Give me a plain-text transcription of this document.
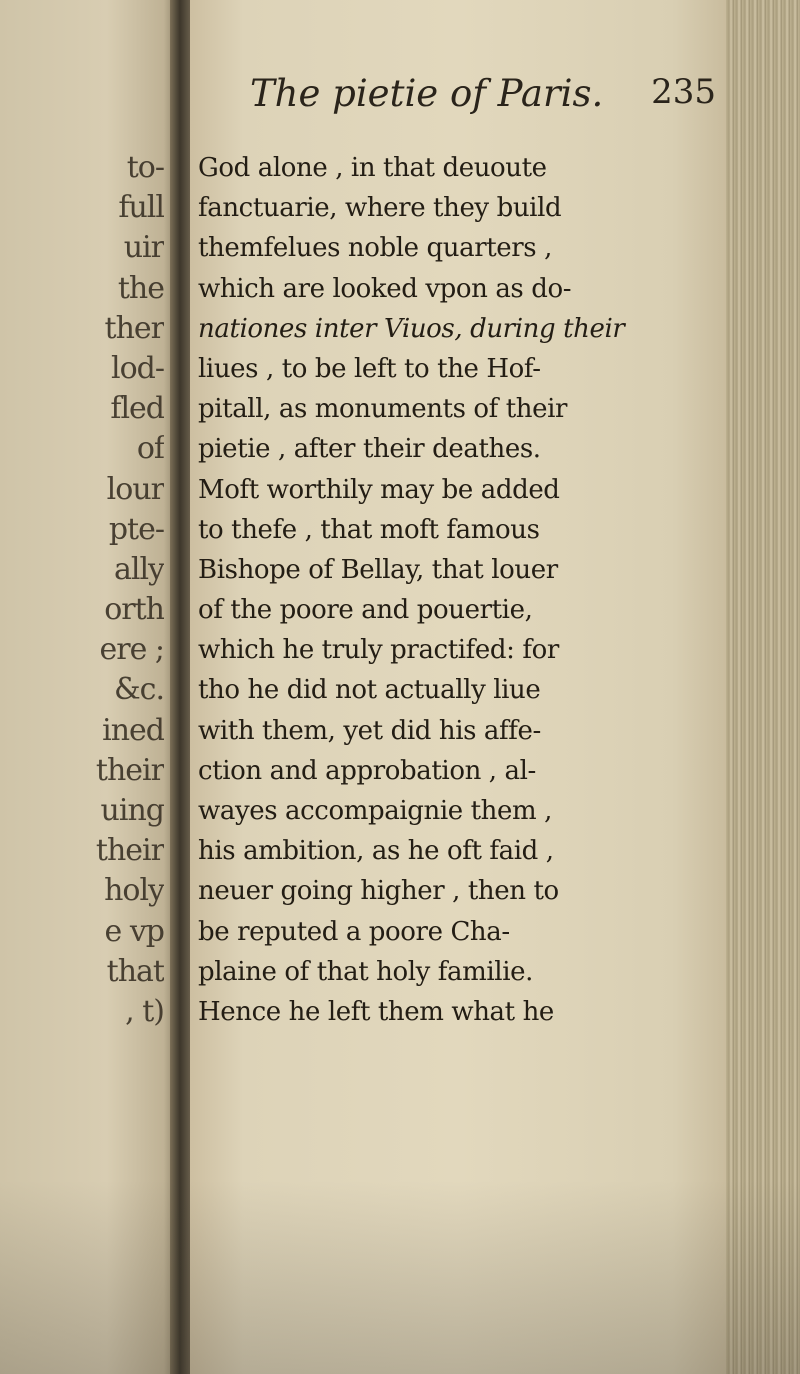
to-
full
uir
the
ther
lod-
fled
of
lour
pte-
ally
orth
ere ;
&c.
ined
their
uing
their
holy
e vp
that
, t)
The pietie of Paris. 235
God alone , in that deuoute
fanctuarie, where they build
themfelues noble quarters ,
which are looked vpon as do-
nationes inter Viuos, during their
liues , to be left to the Hof-
pitall, as monuments of their
pietie , after their deathes.
Moft worthily may be added
to thefe , that moft famous
Bishope of Bellay, that louer
of the poore and pouertie,
which he truly practifed: for
tho he did not actually liue
with them, yet did his affe-
ction and approbation , al-
wayes accompaignie them ,
his ambition, as he oft faid ,
neuer going higher , then to
be reputed a poore Cha-
plaine of that holy familie.
Hence he left them what he
